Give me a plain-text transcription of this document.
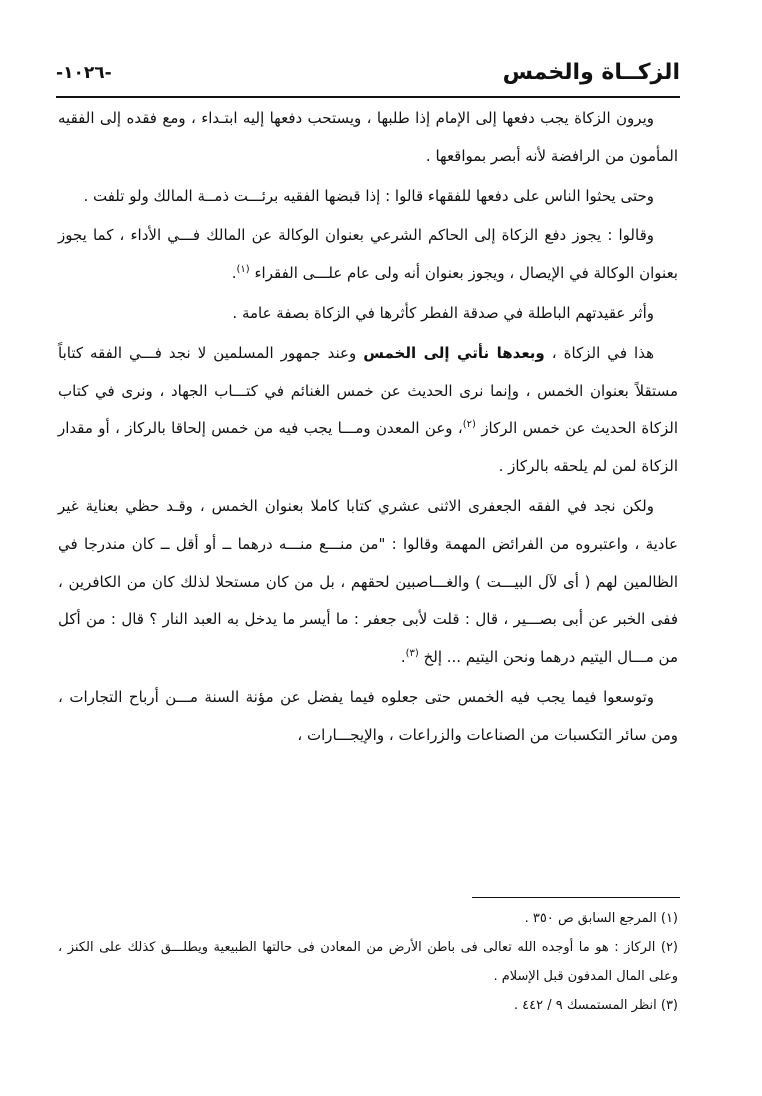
الزكــاة والخمس
-١٠٢٦-

ويرون الزكاة يجب دفعها إلى الإمام إذا طلبها ، ويستحب دفعها إليه ابتـداء ، ومع فقده إلى الفقيه المأمون من الرافضة لأنه أبصر بمواقعها .

وحتى يحثوا الناس على دفعها للفقهاء قالوا : إذا قبضها الفقيه برئـــت ذمــة المالك ولو تلفت .

وقالوا : يجوز دفع الزكاة إلى الحاكم الشرعي بعنوان الوكالة عن المالك فـــي الأداء ، كما يجوز بعنوان الوكالة في الإيصال ، ويجوز بعنوان أنه ولى عام علـــى الفقراء $^{(١)}$.

وأثر عقيدتهم الباطلة في صدقة الفطر كأثرها في الزكاة بصفة عامة .

هذا في الزكاة ، وبعدها نأتي إلى الخمس وعند جمهور المسلمين لا نجد فـــي الفقه كتاباً مستقلاً بعنوان الخمس ، وإنما نرى الحديث عن خمس الغنائم في كتـــاب الجهاد ، ونرى في كتاب الزكاة الحديث عن خمس الركاز $^{(٢)}$، وعن المعدن ومـــا يجب فيه من خمس إلحاقا بالركاز ، أو مقدار الزكاة لمن لم يلحقه بالركاز .

ولكن نجد في الفقه الجعفرى الاثنى عشري كتابا كاملا بعنوان الخمس ، وقـد حظي بعناية غير عادية ، واعتبروه من الفرائض المهمة وقالوا : "من منـــع منـــه درهما ــ أو أقل ــ كان مندرجا في الظالمين لهم ( أى لآل البيـــت ) والغـــاصبين لحقهم ، بل من كان مستحلا لذلك كان من الكافرين ، ففى الخبر عن أبى بصـــير ، قال : قلت لأبى جعفر : ما أيسر ما يدخل به العبد النار ؟ قال : من أكل من مـــال اليتيم درهما ونحن اليتيم ... إلخ $^{(٣)}$.

وتوسعوا فيما يجب فيه الخمس حتى جعلوه فيما يفضل عن مؤنة السنة مـــن أرباح التجارات ، ومن سائر التكسبات من الصناعات والزراعات ، والإيجـــارات ،

(١) المرجع السابق ص ٣٥٠ .

(٢) الركاز : هو ما أوجده الله تعالى فى باطن الأرض من المعادن فى حالتها الطبيعية ويطلـــق كذلك على الكنز ، وعلى المال المدفون قبل الإسلام .

(٣) انظر المستمسك ٩ / ٤٤٢ .
